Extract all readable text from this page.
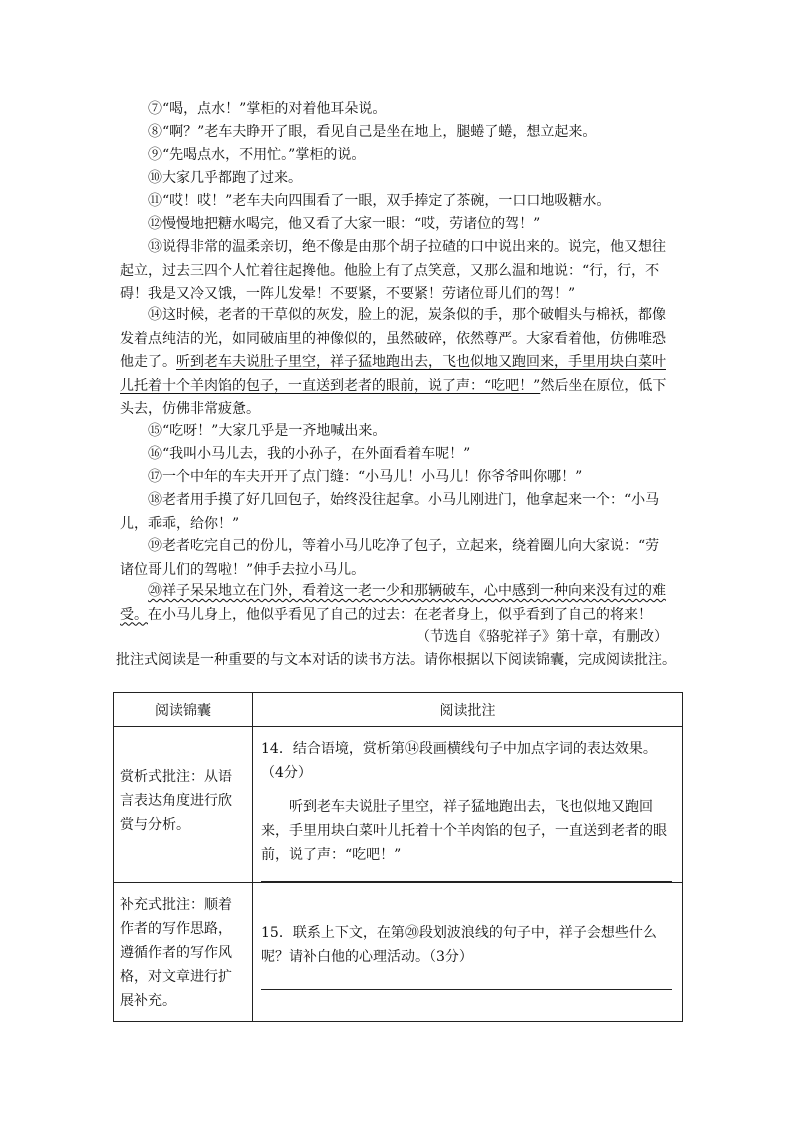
⑦“喝，点水！”掌柜的对着他耳朵说。

⑧“啊？”老车夫睁开了眼，看见自己是坐在地上，腿蜷了蜷，想立起来。

⑨“先喝点水，不用忙。”掌柜的说。

⑩大家几乎都跑了过来。

⑪“哎！哎！”老车夫向四围看了一眼，双手捧定了茶碗，一口口地吸糖水。

⑫慢慢地把糖水喝完，他又看了大家一眼：“哎，劳诸位的驾！”

⑬说得非常的温柔亲切，绝不像是由那个胡子拉碴的口中说出来的。说完，他又想往起立，过去三四个人忙着往起搀他。他脸上有了点笑意，又那么温和地说：“行，行，不碍！我是又冷又饿，一阵儿发晕！不要紧，不要紧！劳诸位哥儿们的驾！”

⑭这时候，老者的干草似的灰发，脸上的泥，炭条似的手，那个破帽头与棉袄，都像发着点纯洁的光，如同破庙里的神像似的，虽然破碎，依然尊严。大家看着他，仿佛唯恐他走了。听到老车夫说肚子里空，祥子猛地跑出去，飞也似地又跑回来，手里用块白菜叶儿托着十个羊肉馅的包子，一直送到老者的眼前，说了声：“吃吧！”然后坐在原位，低下头去，仿佛非常疲惫。

⑮“吃呀！”大家几乎是一齐地喊出来。

⑯“我叫小马儿去，我的小孙子，在外面看着车呢！”

⑰一个中年的车夫开开了点门缝：“小马儿！小马儿！你爷爷叫你哪！”

⑱老者用手摸了好几回包子，始终没往起拿。小马儿刚进门，他拿起来一个：“小马儿，乖乖，给你！”

⑲老者吃完自己的份儿，等着小马儿吃净了包子，立起来，绕着圈儿向大家说：“劳诸位哥儿们的驾啦！”伸手去拉小马儿。

⑳祥子呆呆地立在门外，看着这一老一少和那辆破车，心中感到一种向来没有过的难受。在小马儿身上，他似乎看见了自己的过去：在老者身上，似乎看到了自己的将来！

（节选自《骆驼祥子》第十章，有删改）

批注式阅读是一种重要的与文本对话的读书方法。请你根据以下阅读锦囊，完成阅读批注。

阅读锦囊	阅读批注
赏析式批注：从语言表达角度进行欣赏与分析。	14．结合语境，赏析第⑭段画横线句子中加点字词的表达效果。（4分）
听到老车夫说肚子里空，祥子猛地跑出去，飞也似地又跑回来，手里用块白菜叶儿托着十个羊肉馅的包子，一直送到老者的眼前，说了声：“吃吧！”

补充式批注：顺着作者的写作思路，遵循作者的写作风格，对文章进行扩展补充。	15．联系上下文，在第⑳段划波浪线的句子中，祥子会想些什么呢？请补白他的心理活动。（3分）
